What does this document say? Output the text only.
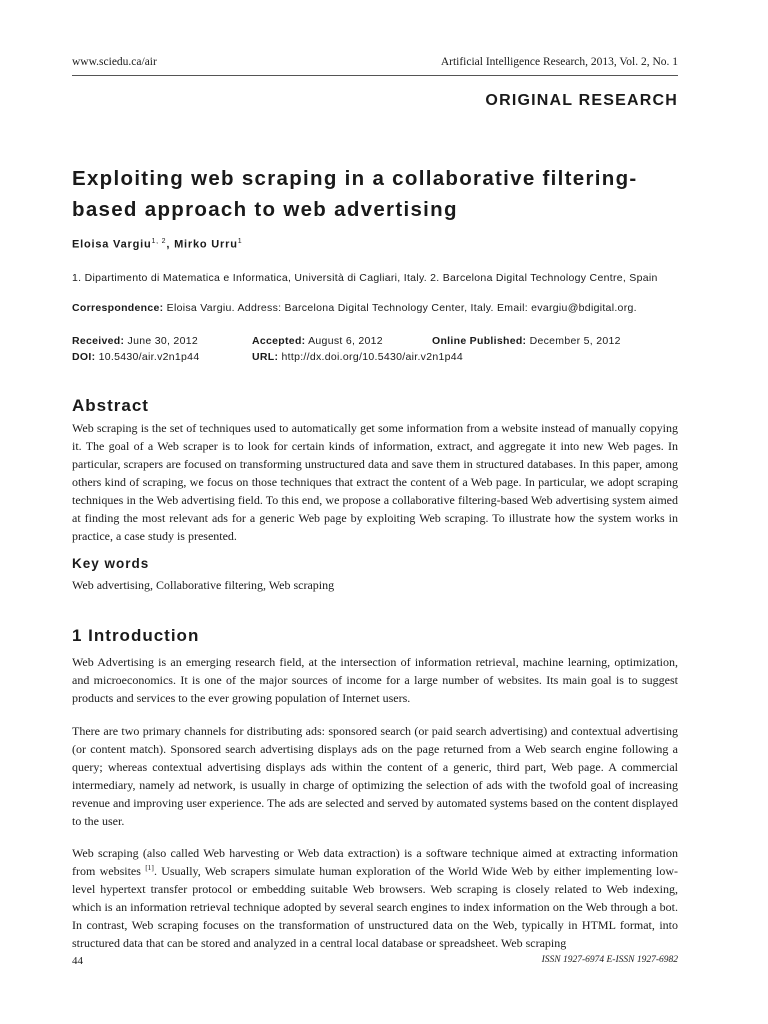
www.sciedu.ca/air	Artificial Intelligence Research, 2013, Vol. 2, No. 1
ORIGINAL RESEARCH
Exploiting web scraping in a collaborative filtering-based approach to web advertising
Eloisa Vargiu$^{1, 2}$, Mirko Urru$^1$
1. Dipartimento di Matematica e Informatica, Università di Cagliari, Italy. 2. Barcelona Digital Technology Centre, Spain
Correspondence: Eloisa Vargiu. Address: Barcelona Digital Technology Center, Italy. Email: evargiu@bdigital.org.
Received: June 30, 2012	Accepted: August 6, 2012	Online Published: December 5, 2012
DOI: 10.5430/air.v2n1p44	URL: http://dx.doi.org/10.5430/air.v2n1p44
Abstract

Web scraping is the set of techniques used to automatically get some information from a website instead of manually copying it. The goal of a Web scraper is to look for certain kinds of information, extract, and aggregate it into new Web pages. In particular, scrapers are focused on transforming unstructured data and save them in structured databases. In this paper, among others kind of scraping, we focus on those techniques that extract the content of a Web page. In particular, we adopt scraping techniques in the Web advertising field. To this end, we propose a collaborative filtering-based Web advertising system aimed at finding the most relevant ads for a generic Web page by exploiting Web scraping. To illustrate how the system works in practice, a case study is presented.

Key words

Web advertising, Collaborative filtering, Web scraping

1 Introduction

Web Advertising is an emerging research field, at the intersection of information retrieval, machine learning, optimization, and microeconomics. It is one of the major sources of income for a large number of websites. Its main goal is to suggest products and services to the ever growing population of Internet users.

There are two primary channels for distributing ads: sponsored search (or paid search advertising) and contextual advertising (or content match). Sponsored search advertising displays ads on the page returned from a Web search engine following a query; whereas contextual advertising displays ads within the content of a generic, third part, Web page. A commercial intermediary, namely ad network, is usually in charge of optimizing the selection of ads with the twofold goal of increasing revenue and improving user experience. The ads are selected and served by automated systems based on the content displayed to the user.

Web scraping (also called Web harvesting or Web data extraction) is a software technique aimed at extracting information from websites [1]. Usually, Web scrapers simulate human exploration of the World Wide Web by either implementing low-level hypertext transfer protocol or embedding suitable Web browsers. Web scraping is closely related to Web indexing, which is an information retrieval technique adopted by several search engines to index information on the Web through a bot. In contrast, Web scraping focuses on the transformation of unstructured data on the Web, typically in HTML format, into structured data that can be stored and analyzed in a central local database or spreadsheet. Web scraping

44	ISSN 1927-6974 E-ISSN 1927-6982
